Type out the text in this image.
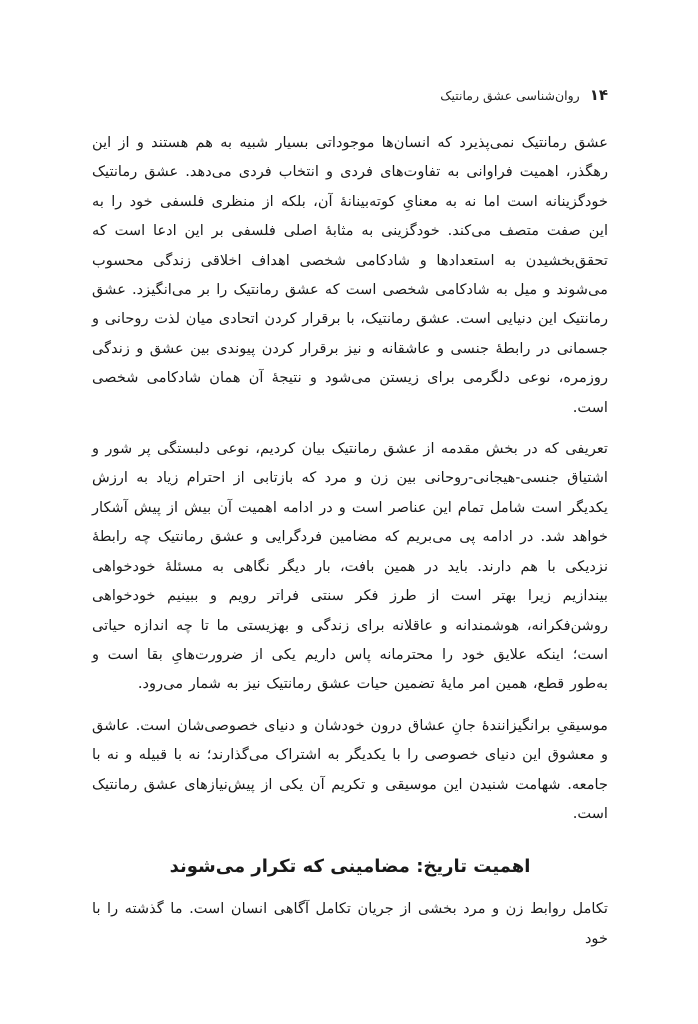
۱۴
روان‌شناسی عشق رمانتیک

عشق رمانتیک نمی‌پذیرد که انسان‌ها موجوداتی بسیار شبیه به هم هستند و از این رهگذر، اهمیت فراوانی به تفاوت‌های فردی و انتخاب فردی می‌دهد. عشق رمانتیک خودگزینانه است اما نه به معنایِ کوته‌بینانهٔ آن، بلکه از منظری فلسفی خود را به این صفت متصف می‌کند. خودگزینی به مثابهٔ اصلی فلسفی بر این ادعا است که تحقق‌بخشیدن به استعدادها و شادکامی شخصی اهداف اخلاقی زندگی محسوب می‌شوند و میل به شادکامی شخصی است که عشق رمانتیک را بر می‌انگیزد. عشق رمانتیک این دنیایی است. عشق رمانتیک، با برقرار کردن اتحادی میان لذت روحانی و جسمانی در رابطهٔ جنسی و عاشقانه و نیز برقرار کردن پیوندی بین عشق و زندگی روزمره، نوعی دلگرمی برای زیستن می‌شود و نتیجهٔ آن همان شادکامی شخصی است.

تعریفی که در بخش مقدمه از عشق رمانتیک بیان کردیم، نوعی دلبستگی پر شور و اشتیاق جنسی-هیجانی-روحانی بین زن و مرد که بازتابی از احترام زیاد به ارزش یکدیگر است شامل تمام این عناصر است و در ادامه اهمیت آن بیش از پیش آشکار خواهد شد. در ادامه پی می‌بریم که مضامین فردگرایی و عشق رمانتیک چه رابطهٔ نزدیکی با هم دارند. باید در همین بافت، بار دیگر نگاهی به مسئلهٔ خودخواهی بیندازیم زیرا بهتر است از طرز فکر سنتی فراتر رویم و ببینیم خودخواهی روشن‌فکرانه، هوشمندانه و عاقلانه برای زندگی و بهزیستی ما تا چه اندازه حیاتی است؛ اینکه علایق خود را محترمانه پاس داریم یکی از ضرورت‌هایِ بقا است و به‌طور قطع، همین امر مایهٔ تضمین حیات عشق رمانتیک نیز به شمار می‌رود.

موسیقیِ برانگیزانندهٔ جانِ عشاق درون خودشان و دنیای خصوصی‌شان است. عاشق و معشوق این دنیای خصوصی را با یکدیگر به اشتراک می‌گذارند؛ نه با قبیله و نه با جامعه. شهامت شنیدن این موسیقی و تکریم آن یکی از پیش‌نیازهای عشق رمانتیک است.

اهمیت تاریخ: مضامینی که تکرار می‌شوند

تکامل روابط زن و مرد بخشی از جریان تکامل آگاهی انسان است. ما گذشته را با خود
